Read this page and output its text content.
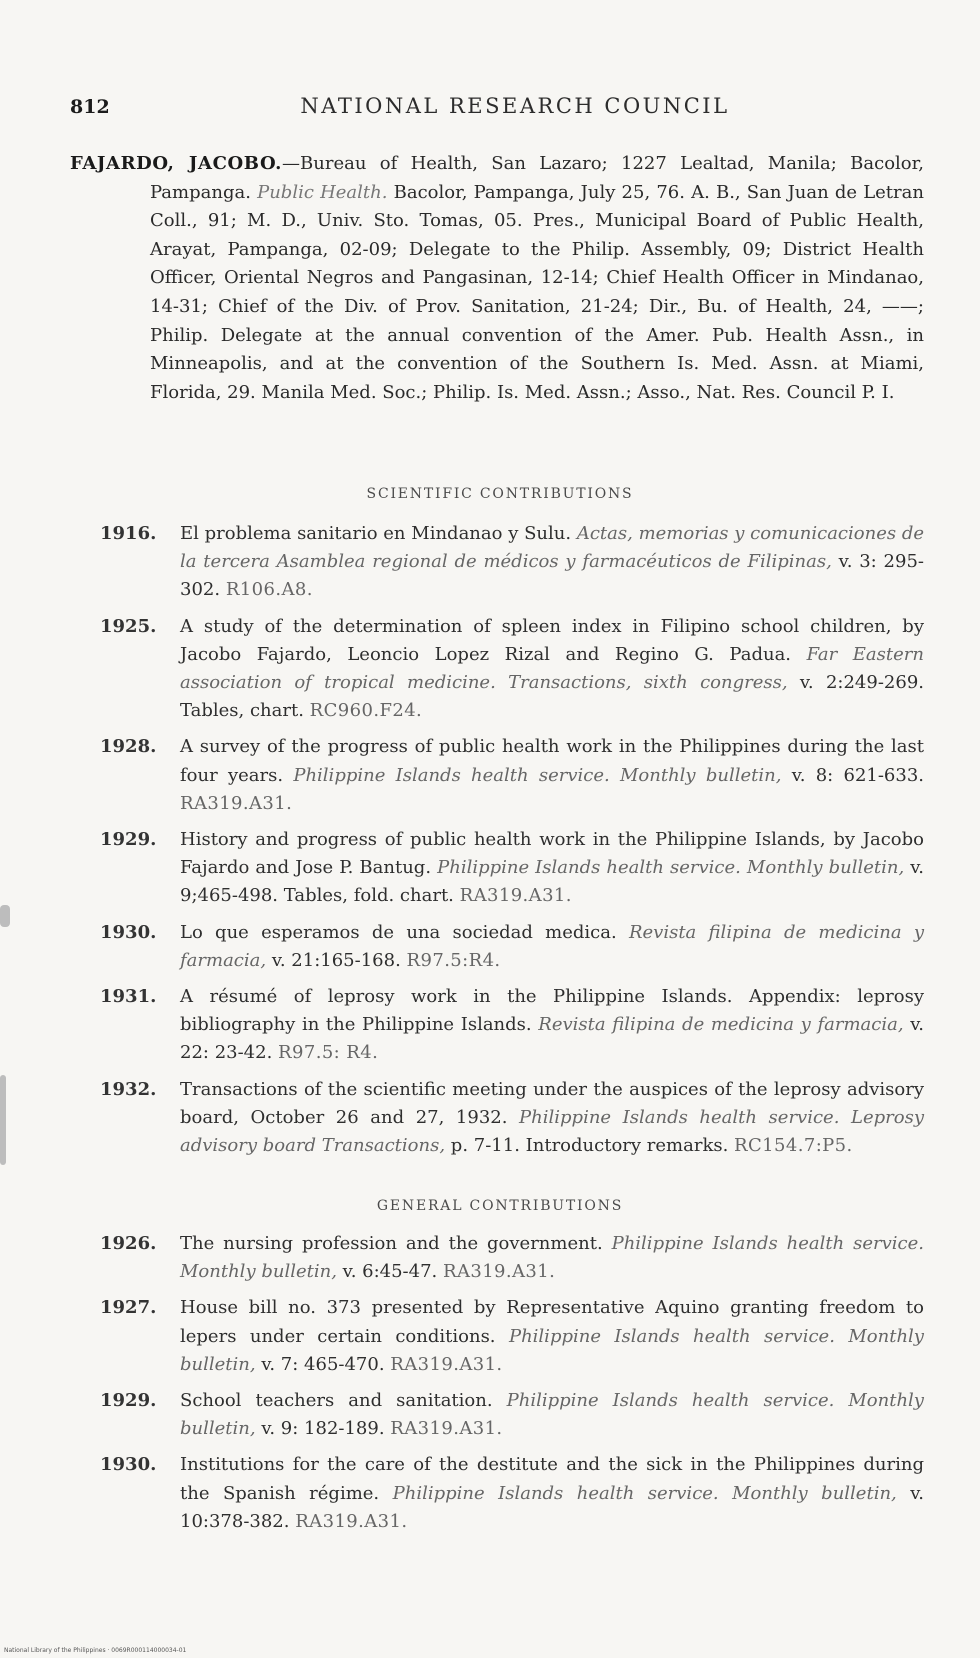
812	NATIONAL RESEARCH COUNCIL
FAJARDO, JACOBO.—Bureau of Health, San Lazaro; 1227 Lealtad, Manila; Bacolor, Pampanga. Public Health. Bacolor, Pampanga, July 25, 76. A. B., San Juan de Letran Coll., 91; M. D., Univ. Sto. Tomas, 05. Pres., Municipal Board of Public Health, Arayat, Pampanga, 02-09; Delegate to the Philip. Assembly, 09; District Health Officer, Oriental Negros and Pangasinan, 12-14; Chief Health Officer in Mindanao, 14-31; Chief of the Div. of Prov. Sanitation, 21-24; Dir., Bu. of Health, 24, ——; Philip. Delegate at the annual convention of the Amer. Pub. Health Assn., in Minneapolis, and at the convention of the Southern Is. Med. Assn. at Miami, Florida, 29. Manila Med. Soc.; Philip. Is. Med. Assn.; Asso., Nat. Res. Council P. I.
SCIENTIFIC CONTRIBUTIONS
1916.	El problema sanitario en Mindanao y Sulu. Actas, memorias y comunicaciones de la tercera Asamblea regional de médicos y farmacéuticos de Filipinas, v. 3: 295-302. R106.A8.
1925.	A study of the determination of spleen index in Filipino school children, by Jacobo Fajardo, Leoncio Lopez Rizal and Regino G. Padua. Far Eastern association of tropical medicine. Transactions, sixth congress, v. 2:249-269. Tables, chart. RC960.F24.
1928.	A survey of the progress of public health work in the Philippines during the last four years. Philippine Islands health service. Monthly bulletin, v. 8: 621-633. RA319.A31.
1929.	History and progress of public health work in the Philippine Islands, by Jacobo Fajardo and Jose P. Bantug. Philippine Islands health service. Monthly bulletin, v. 9;465-498. Tables, fold. chart. RA319.A31.
1930.	Lo que esperamos de una sociedad medica. Revista filipina de medicina y farmacia, v. 21:165-168. R97.5:R4.
1931.	A résumé of leprosy work in the Philippine Islands. Appendix: leprosy bibliography in the Philippine Islands. Revista filipina de medicina y farmacia, v. 22: 23-42. R97.5: R4.
1932.	Transactions of the scientific meeting under the auspices of the leprosy advisory board, October 26 and 27, 1932. Philippine Islands health service. Leprosy advisory board Transactions, p. 7-11. Introductory remarks. RC154.7:P5.
GENERAL CONTRIBUTIONS
1926.	The nursing profession and the government. Philippine Islands health service. Monthly bulletin, v. 6:45-47. RA319.A31.
1927.	House bill no. 373 presented by Representative Aquino granting freedom to lepers under certain conditions. Philippine Islands health service. Monthly bulletin, v. 7: 465-470. RA319.A31.
1929.	School teachers and sanitation. Philippine Islands health service. Monthly bulletin, v. 9: 182-189. RA319.A31.
1930.	Institutions for the care of the destitute and the sick in the Philippines during the Spanish régime. Philippine Islands health service. Monthly bulletin, v. 10:378-382. RA319.A31.
National Library of the Philippines · 0069R000114000034-01
